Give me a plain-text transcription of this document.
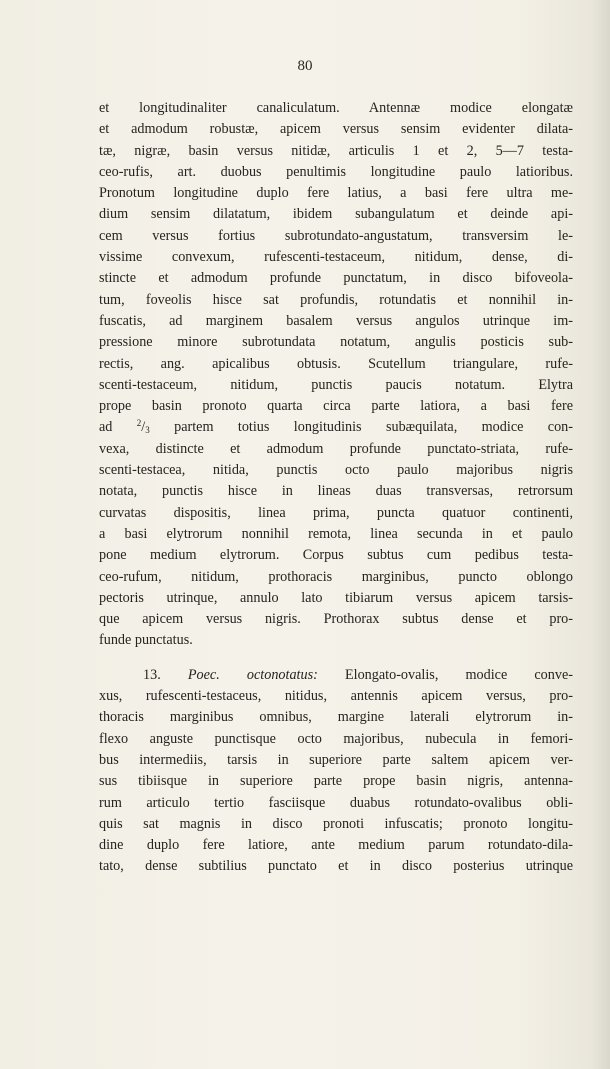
80
et longitudinaliter canaliculatum. Antennæ modice elongatæ
et admodum robustæ, apicem versus sensim evidenter dilata-
tæ, nigræ, basin versus nitidæ, articulis 1 et 2, 5—7 testa-
ceo-rufis, art. duobus penultimis longitudine paulo latioribus.
Pronotum longitudine duplo fere latius, a basi fere ultra me-
dium sensim dilatatum, ibidem subangulatum et deinde api-
cem versus fortius subrotundato-angustatum, transversim le-
vissime convexum, rufescenti-testaceum, nitidum, dense, di-
stincte et admodum profunde punctatum, in disco bifoveola-
tum, foveolis hisce sat profundis, rotundatis et nonnihil in-
fuscatis, ad marginem basalem versus angulos utrinque im-
pressione minore subrotundata notatum, angulis posticis sub-
rectis, ang. apicalibus obtusis. Scutellum triangulare, rufe-
scenti-testaceum, nitidum, punctis paucis notatum. Elytra
prope basin pronoto quarta circa parte latiora, a basi fere
ad $^2/_3$ partem totius longitudinis subæquilata, modice con-
vexa, distincte et admodum profunde punctato-striata, rufe-
scenti-testacea, nitida, punctis octo paulo majoribus nigris
notata, punctis hisce in lineas duas transversas, retrorsum
curvatas dispositis, linea prima, puncta quatuor continenti,
a basi elytrorum nonnihil remota, linea secunda in et paulo
pone medium elytrorum. Corpus subtus cum pedibus testa-
ceo-rufum, nitidum, prothoracis marginibus, puncto oblongo
pectoris utrinque, annulo lato tibiarum versus apicem tarsis-
que apicem versus nigris. Prothorax subtus dense et pro-
funde punctatus.
13. Poec. octonotatus: Elongato-ovalis, modice conve-
xus, rufescenti-testaceus, nitidus, antennis apicem versus, pro-
thoracis marginibus omnibus, margine laterali elytrorum in-
flexo anguste punctisque octo majoribus, nubecula in femori-
bus intermediis, tarsis in superiore parte saltem apicem ver-
sus tibiisque in superiore parte prope basin nigris, antenna-
rum articulo tertio fasciisque duabus rotundato-ovalibus obli-
quis sat magnis in disco pronoti infuscatis; pronoto longitu-
dine duplo fere latiore, ante medium parum rotundato-dila-
tato, dense subtilius punctato et in disco posterius utrinque
